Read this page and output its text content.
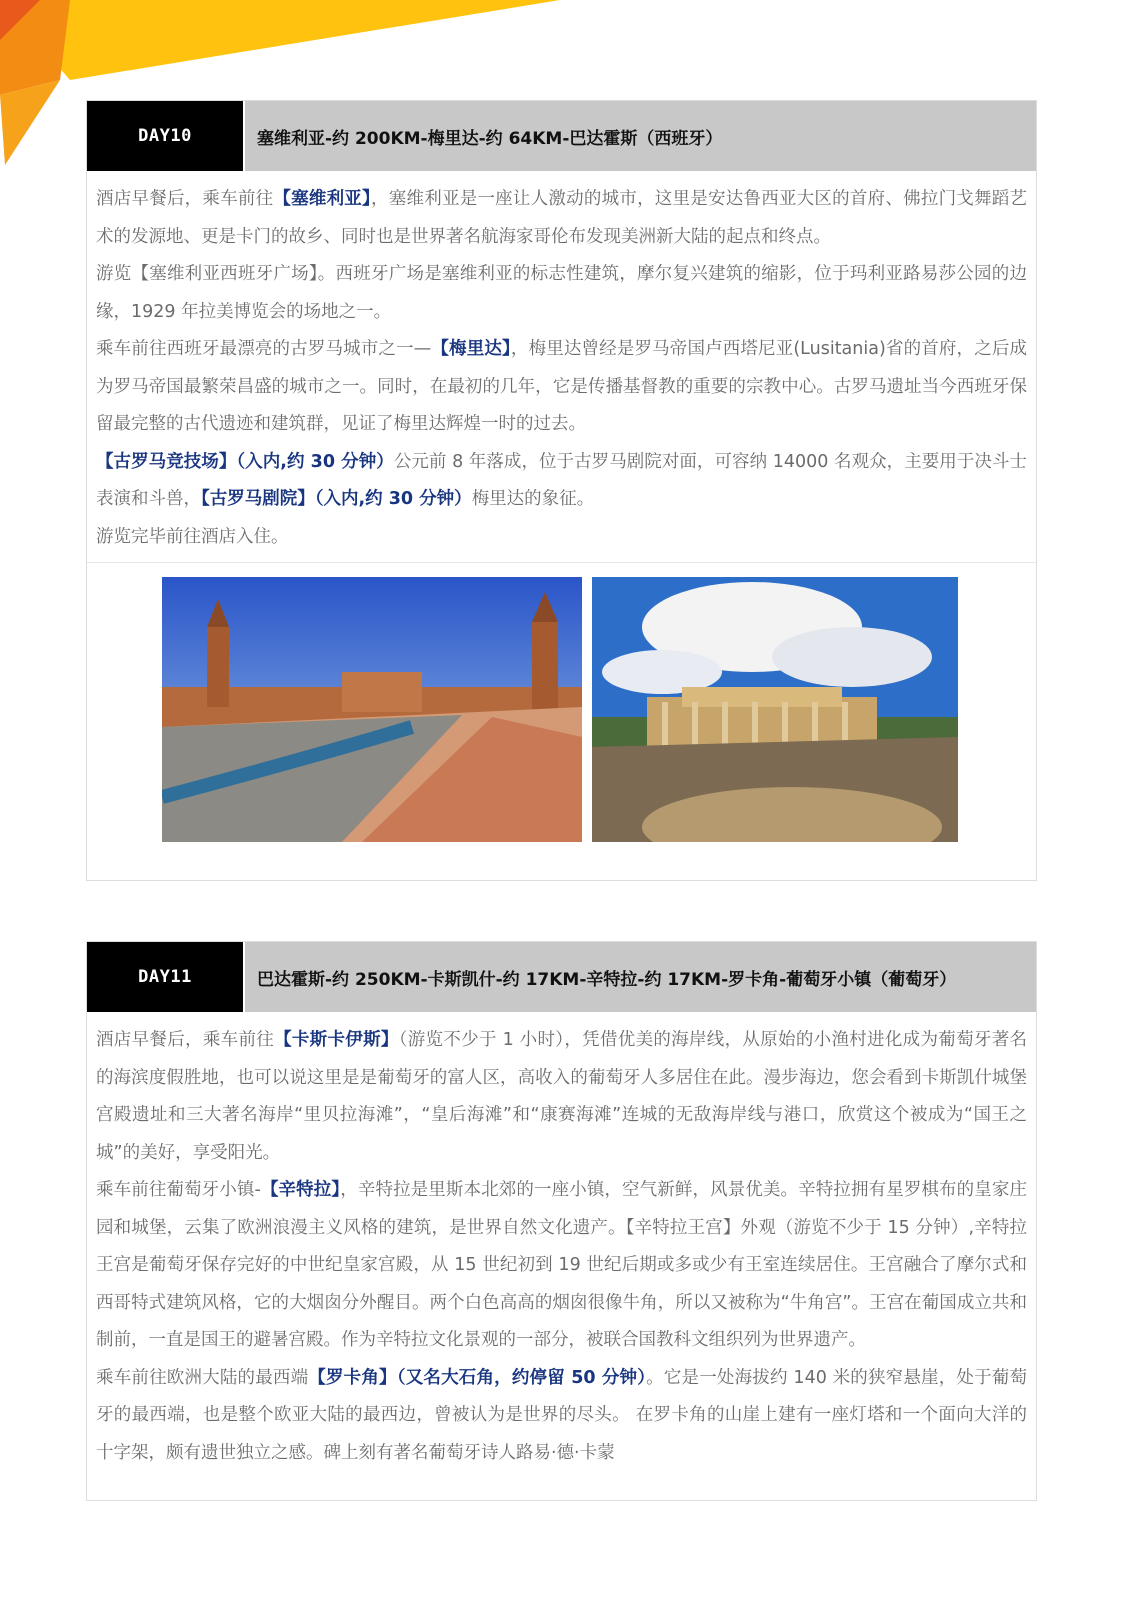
DAY10	塞维利亚-约 200KM-梅里达-约 64KM-巴达霍斯（西班牙）

酒店早餐后，乘车前往【塞维利亚】，塞维利亚是一座让人激动的城市，这里是安达鲁西亚大区的首府、佛拉门戈舞蹈艺术的发源地、更是卡门的故乡、同时也是世界著名航海家哥伦布发现美洲新大陆的起点和终点。

游览【塞维利亚西班牙广场】。西班牙广场是塞维利亚的标志性建筑，摩尔复兴建筑的缩影，位于玛利亚路易莎公园的边缘，1929 年拉美博览会的场地之一。

乘车前往西班牙最漂亮的古罗马城市之一—【梅里达】，梅里达曾经是罗马帝国卢西塔尼亚(Lusitania)省的首府，之后成为罗马帝国最繁荣昌盛的城市之一。同时，在最初的几年，它是传播基督教的重要的宗教中心。古罗马遗址当今西班牙保留最完整的古代遗迹和建筑群，见证了梅里达辉煌一时的过去。

【古罗马竞技场】（入内,约 30 分钟）公元前 8 年落成，位于古罗马剧院对面，可容纳 14000 名观众，主要用于决斗士表演和斗兽，【古罗马剧院】（入内,约 30 分钟）梅里达的象征。

游览完毕前往酒店入住。

DAY11	巴达霍斯-约 250KM-卡斯凯什-约 17KM-辛特拉-约 17KM-罗卡角-葡萄牙小镇（葡萄牙）

酒店早餐后，乘车前往【卡斯卡伊斯】（游览不少于 1 小时），凭借优美的海岸线，从原始的小渔村进化成为葡萄牙著名的海滨度假胜地，也可以说这里是是葡萄牙的富人区，高收入的葡萄牙人多居住在此。漫步海边，您会看到卡斯凯什城堡宫殿遗址和三大著名海岸“里贝拉海滩”，“皇后海滩”和“康赛海滩”连城的无敌海岸线与港口，欣赏这个被成为“国王之城”的美好，享受阳光。

乘车前往葡萄牙小镇-【辛特拉】，辛特拉是里斯本北郊的一座小镇，空气新鲜，风景优美。辛特拉拥有星罗棋布的皇家庄园和城堡，云集了欧洲浪漫主义风格的建筑，是世界自然文化遗产。【辛特拉王宫】外观（游览不少于 15 分钟）,辛特拉王宫是葡萄牙保存完好的中世纪皇家宫殿，从 15 世纪初到 19 世纪后期或多或少有王室连续居住。王宫融合了摩尔式和西哥特式建筑风格，它的大烟囱分外醒目。两个白色高高的烟囱很像牛角，所以又被称为“牛角宫”。王宫在葡国成立共和制前，一直是国王的避暑宫殿。作为辛特拉文化景观的一部分，被联合国教科文组织列为世界遗产。

乘车前往欧洲大陆的最西端【罗卡角】（又名大石角，约停留 50 分钟）。它是一处海拔约 140 米的狭窄悬崖，处于葡萄牙的最西端，也是整个欧亚大陆的最西边，曾被认为是世界的尽头。 在罗卡角的山崖上建有一座灯塔和一个面向大洋的十字架，颇有遗世独立之感。碑上刻有著名葡萄牙诗人路易·德·卡蒙
